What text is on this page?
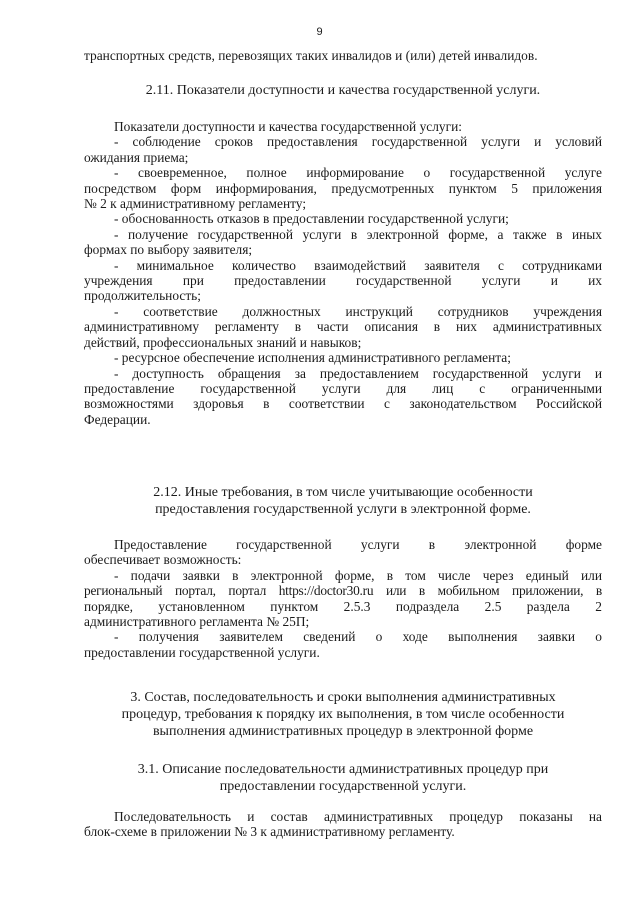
9
транспортных средств, перевозящих таких инвалидов и (или) детей инвалидов.
2.11. Показатели доступности и качества государственной услуги.
Показатели доступности и качества государственной услуги:
- соблюдение сроков предоставления государственной услуги и условий
ожидания приема;
- своевременное, полное информирование о государственной услуге
посредством форм информирования, предусмотренных пунктом 5 приложения
№ 2 к административному регламенту;
- обоснованность отказов в предоставлении государственной услуги;
- получение государственной услуги в электронной форме, а также в иных
формах по выбору заявителя;
- минимальное количество взаимодействий заявителя с сотрудниками
учреждения при предоставлении государственной услуги и их
продолжительность;
- соответствие должностных инструкций сотрудников учреждения
административному регламенту в части описания в них административных
действий, профессиональных знаний и навыков;
- ресурсное обеспечение исполнения административного регламента;
- доступность обращения за предоставлением государственной услуги и
предоставление государственной услуги для лиц с ограниченными
возможностями здоровья в соответствии с законодательством Российской
Федерации.
2.12. Иные требования, в том числе учитывающие особенности
предоставления государственной услуги в электронной форме.
Предоставление государственной услуги в электронной форме
обеспечивает возможность:
- подачи заявки в электронной форме, в том числе через единый или
региональный портал, портал https://doctor30.ru или в мобильном приложении, в
порядке, установленном пунктом 2.5.3 подраздела 2.5 раздела 2
административного регламента № 25П;
- получения заявителем сведений о ходе выполнения заявки о
предоставлении государственной услуги.
3. Состав, последовательность и сроки выполнения административных
процедур, требования к порядку их выполнения, в том числе особенности
выполнения административных процедур в электронной форме
3.1. Описание последовательности административных процедур при
предоставлении государственной услуги.
Последовательность и состав административных процедур показаны на
блок-схеме в приложении № 3 к административному регламенту.
